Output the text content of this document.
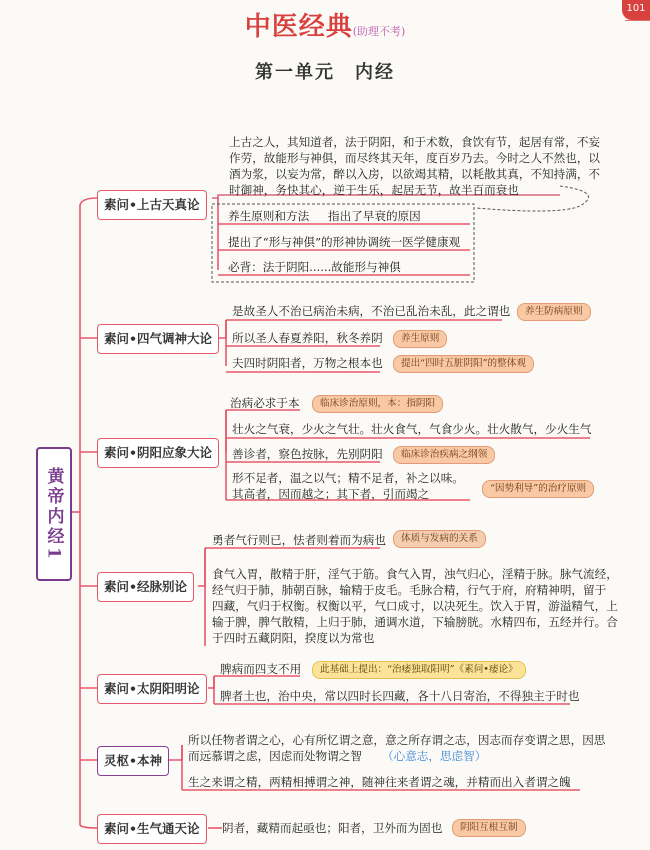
中医经典(助理不考)
第一单元　内经
101
黄帝内经1
素问•上古天真论
上古之人，其知道者，法于阴阳，和于术数，食饮有节，起居有常，不妄
作劳，故能形与神俱，而尽终其天年，度百岁乃去。今时之人不然也，以
酒为浆，以妄为常，醉以入房，以欲竭其精，以耗散其真，不知持满，不
时御神，务快其心，逆于生乐，起居无节，故半百而衰也
养生原则和方法 指出了早衰的原因
提出了“形与神俱”的形神协调统一医学健康观
必背：法于阴阳......故能形与神俱
素问•四气调神大论
是故圣人不治已病治未病，不治已乱治未乱，此之谓也	养生防病原则
所以圣人春夏养阳，秋冬养阴	养生原则
夫四时阴阳者，万物之根本也	提出“四时五脏阴阳”的整体观
素问•阴阳应象大论
治病必求于本	临床诊治原则，本：指阴阳
壮火之气衰，少火之气壮。壮火食气，气食少火。壮火散气，少火生气
善诊者，察色按脉，先别阴阳	临床诊治疾病之纲领
形不足者，温之以气；精不足者，补之以味。
其高者，因而越之；其下者，引而竭之	“因势利导”的治疗原则
素问•经脉别论
勇者气行则已，怯者则着而为病也	体质与发病的关系
食气入胃，散精于肝，淫气于筋。食气入胃，浊气归心，淫精于脉。脉气流经，
经气归于肺，肺朝百脉，输精于皮毛。毛脉合精，行气于府，府精神明，留于
四藏，气归于权衡。权衡以平，气口成寸，以决死生。饮入于胃，游溢精气，上
输于脾，脾气散精，上归于肺，通调水道，下输膀胱。水精四布，五经并行。合
于四时五藏阴阳，揆度以为常也
素问•太阴阳明论
脾病而四支不用	此基础上提出：“治痿独取阳明”《素问•痿论》
脾者土也，治中央，常以四时长四藏，各十八日寄治，不得独主于时也
灵枢•本神
所以任物者谓之心，心有所忆谓之意，意之所存谓之志，因志而存变谓之思，因思
而远慕谓之虑，因虑而处物谓之智 （心意志，思虑智）
生之来谓之精，两精相搏谓之神，随神往来者谓之魂，并精而出入者谓之魄
素问•生气通天论	阴者，藏精而起亟也；阳者，卫外而为固也	阴阳互根互制
